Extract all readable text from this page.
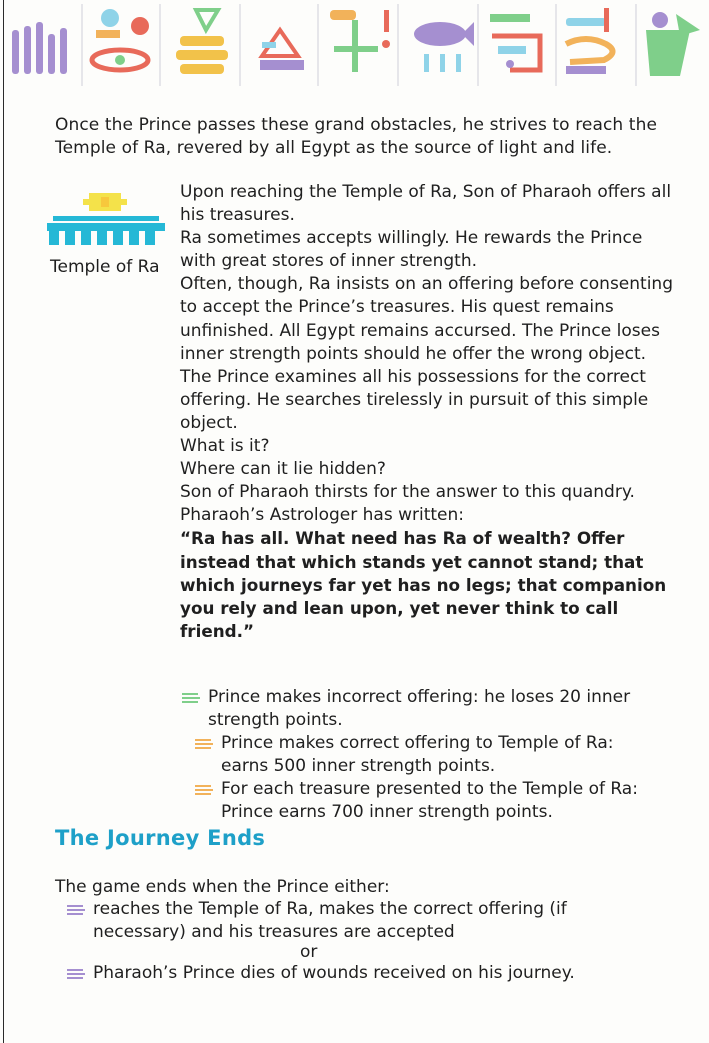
Once the Prince passes these grand obstacles, he strives to reach the Temple of Ra, revered by all Egypt as the source of light and life.
Temple of Ra

Upon reaching the Temple of Ra, Son of Pharaoh offers all his treasures.

Ra sometimes accepts willingly. He rewards the Prince with great stores of inner strength.

Often, though, Ra insists on an offering before consenting to accept the Prince’s treasures. His quest remains unfinished. All Egypt remains accursed. The Prince loses inner strength points should he offer the wrong object.

The Prince examines all his possessions for the correct offering. He searches tirelessly in pursuit of this simple object.

What is it?

Where can it lie hidden?

Son of Pharaoh thirsts for the answer to this quandry.

Pharaoh’s Astrologer has written:

“Ra has all. What need has Ra of wealth? Offer instead that which stands yet cannot stand; that which journeys far yet has no legs; that companion you rely and lean upon, yet never think to call friend.”

Prince makes incorrect offering: he loses 20 inner strength points.
Prince makes correct offering to Temple of Ra: earns 500 inner strength points.
For each treasure presented to the Temple of Ra: Prince earns 700 inner strength points.
The Journey Ends
The game ends when the Prince either:
reaches the Temple of Ra, makes the correct offering (if necessary) and his treasures are accepted
or
Pharaoh’s Prince dies of wounds received on his journey.
